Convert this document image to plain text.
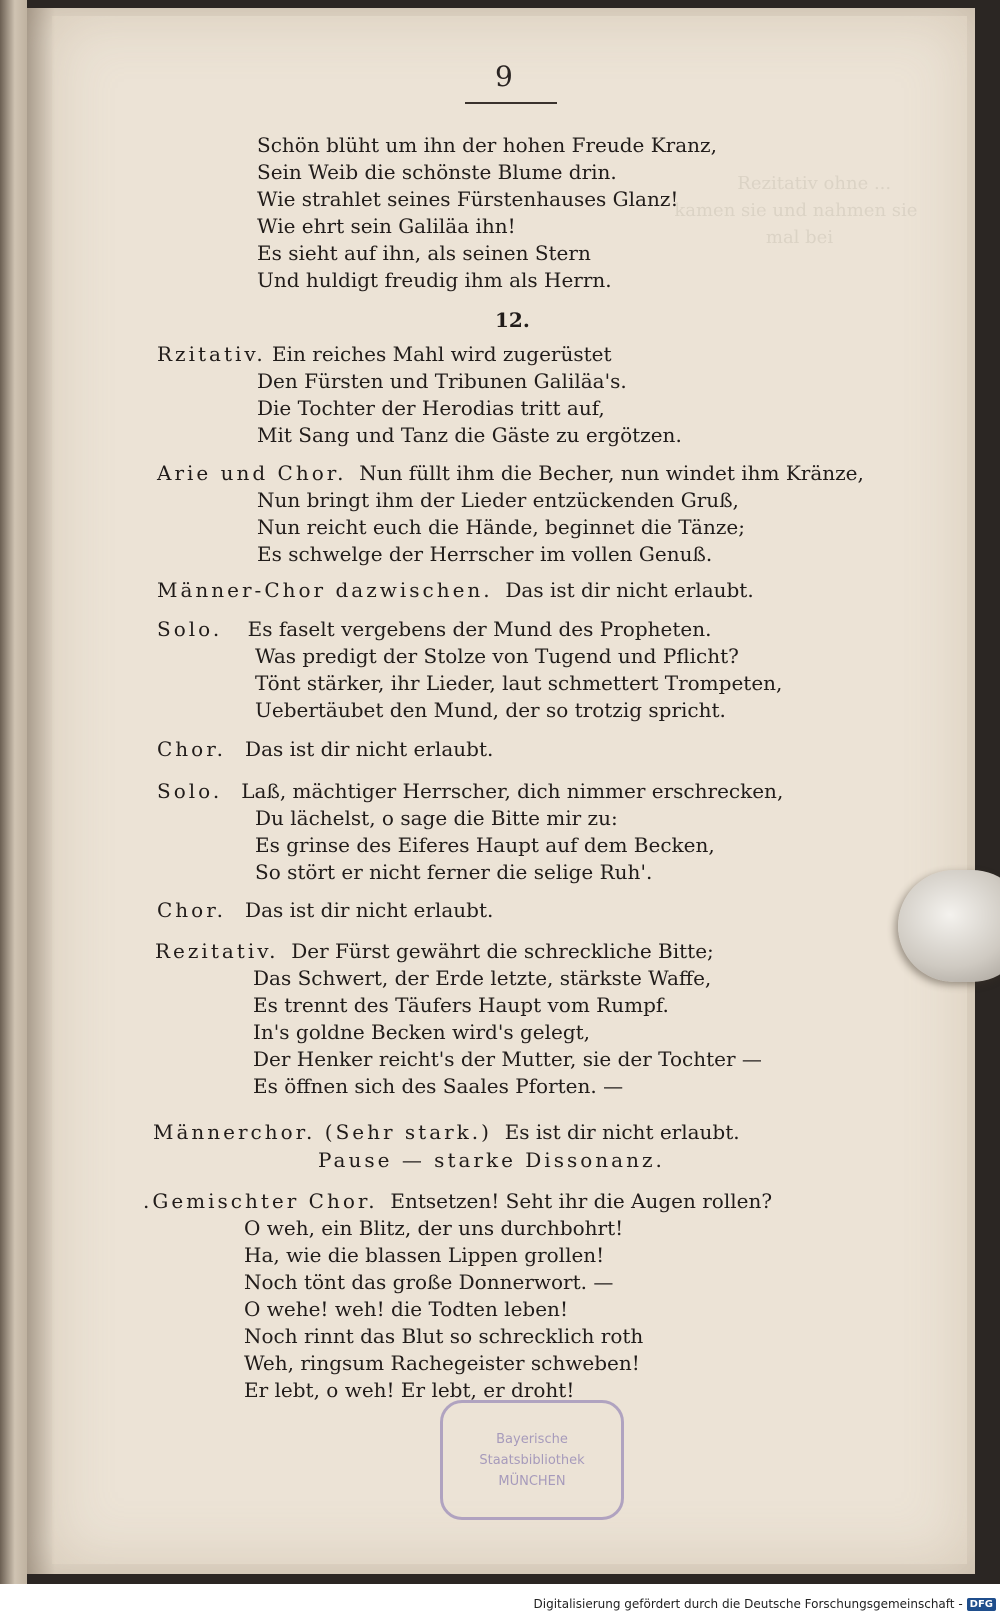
Rezitativ ohne ...
kamen sie und nahmen sie
mal bei
9
Schön blüht um ihn der hohen Freude Kranz,
Sein Weib die schönste Blume drin.
Wie strahlet seines Fürstenhauses Glanz!
Wie ehrt sein Galiläa ihn!
Es sieht auf ihn, als seinen Stern
Und huldigt freudig ihm als Herrn.
12.
Rzitativ. Ein reiches Mahl wird zugerüstet
Den Fürsten und Tribunen Galiläa's.
Die Tochter der Herodias tritt auf,
Mit Sang und Tanz die Gäste zu ergötzen.
Arie und Chor. Nun füllt ihm die Becher, nun windet ihm Kränze,
Nun bringt ihm der Lieder entzückenden Gruß,
Nun reicht euch die Hände, beginnet die Tänze;
Es schwelge der Herrscher im vollen Genuß.
Männer-Chor dazwischen. Das ist dir nicht erlaubt.
Solo. Es faselt vergebens der Mund des Propheten.
Was predigt der Stolze von Tugend und Pflicht?
Tönt stärker, ihr Lieder, laut schmettert Trompeten,
Uebertäubet den Mund, der so trotzig spricht.
Chor. Das ist dir nicht erlaubt.
Solo. Laß, mächtiger Herrscher, dich nimmer erschrecken,
Du lächelst, o sage die Bitte mir zu:
Es grinse des Eiferes Haupt auf dem Becken,
So stört er nicht ferner die selige Ruh'.
Chor. Das ist dir nicht erlaubt.
Rezitativ. Der Fürst gewährt die schreckliche Bitte;
Das Schwert, der Erde letzte, stärkste Waffe,
Es trennt des Täufers Haupt vom Rumpf.
In's goldne Becken wird's gelegt,
Der Henker reicht's der Mutter, sie der Tochter —
Es öffnen sich des Saales Pforten. —
Männerchor. (Sehr stark.) Es ist dir nicht erlaubt.
Pause — starke Dissonanz.
.Gemischter Chor. Entsetzen! Seht ihr die Augen rollen?
O weh, ein Blitz, der uns durchbohrt!
Ha, wie die blassen Lippen grollen!
Noch tönt das große Donnerwort. —
O wehe! weh! die Todten leben!
Noch rinnt das Blut so schrecklich roth
Weh, ringsum Rachegeister schweben!
Er lebt, o weh! Er lebt, er droht!
Bayerische
Staatsbibliothek
MÜNCHEN
Digitalisierung gefördert durch die Deutsche Forschungsgemeinschaft - DFG
